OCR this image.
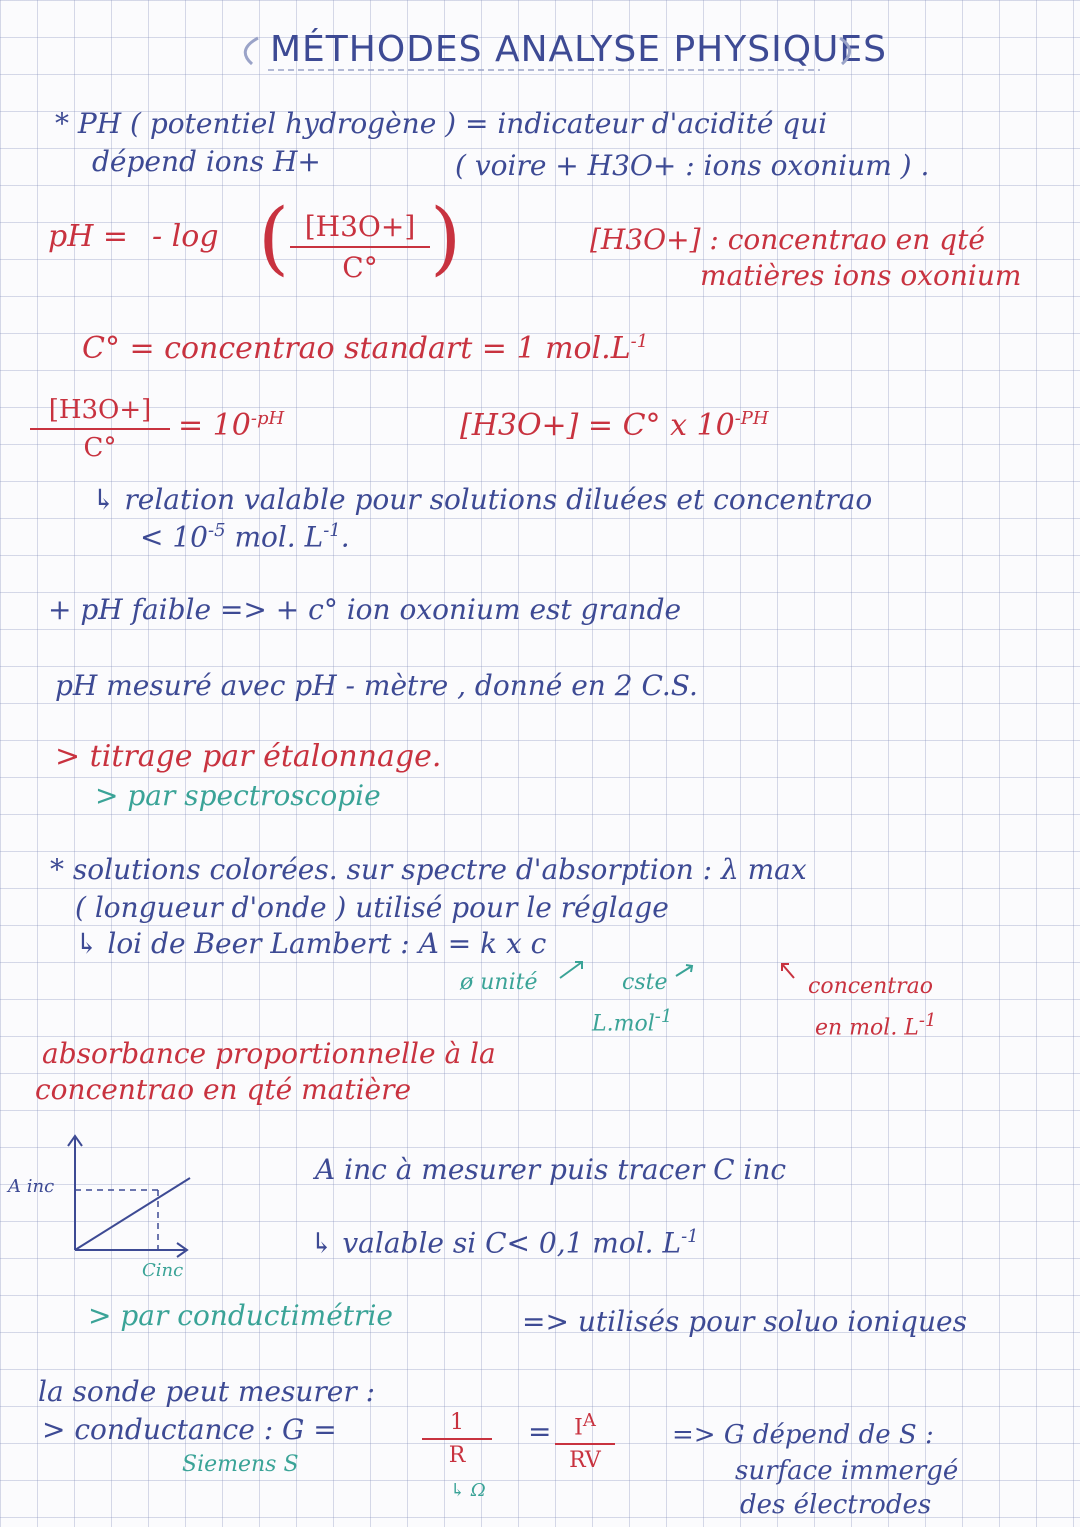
MÉTHODES ANALYSE PHYSIQUES
* PH ( potentiel hydrogène ) = indicateur d'acidité qui
dépend ions H+	( voire + H3O+ : ions oxonium ) .
pH = - log ( [H3O+]
C° )	[H3O+] : concentrao en qté
matières ions oxonium
C° = concentrao standart = 1 $mol.L^{-1}$
[H3O+]
C°
= $10^{-pH}$	[H3O+] = C° x $10^{-PH}$
↳ relation valable pour solutions diluées et concentrao
< $10^{-5}$ mol. $L^{-1}$.
+ pH faible => + c° ion oxonium est grande
pH mesuré avec pH - mètre , donné en 2 C.S.
> titrage par étalonnage.
> par spectroscopie
* solutions colorées. sur spectre d'absorption : λ max
( longueur d'onde ) utilisé pour le réglage
↳ loi de Beer Lambert : A = k x c
ø unité	cste
L.mol$^{-1}$
concentrao
en mol. $L^{-1}$
absorbance proportionnelle à la
concentrao en qté matière
A inc
Cinc
A inc à mesurer puis tracer C inc
↳ valable si C< 0,1 mol. $L^{-1}$
> par conductimétrie	=> utilisés pour soluo ioniques
la sonde peut mesurer :
> conductance : G =	1
R
↳ Ω
=	$I^A$
RV
Siemens S
=> G dépend de S :
surface immergé
des électrodes
